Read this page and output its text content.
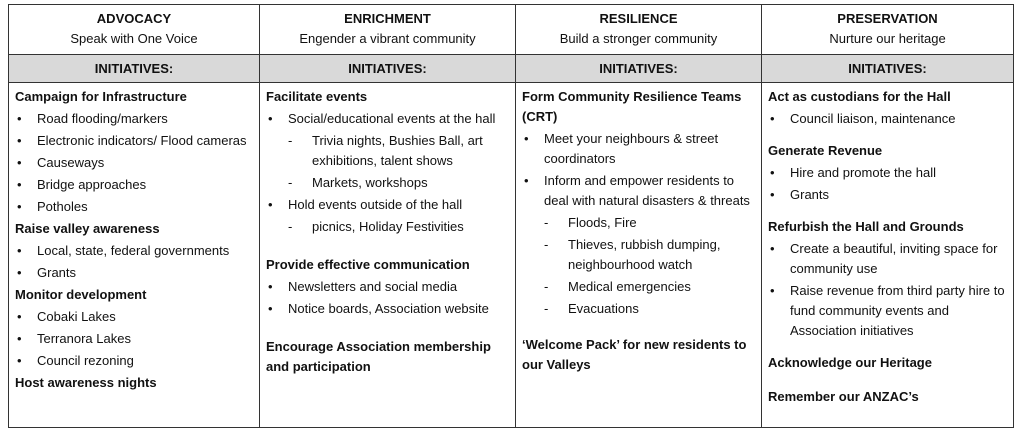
ADVOCACY
Speak with One Voice
INITIATIVES:
Campaign for Infrastructure
• Road flooding/markers
• Electronic indicators/ Flood cameras
• Causeways
• Bridge approaches
• Potholes
Raise valley awareness
• Local, state, federal governments
• Grants
Monitor development
• Cobaki Lakes
• Terranora Lakes
• Council rezoning
Host awareness nights
ENRICHMENT
Engender a vibrant community
INITIATIVES:
Facilitate events
• Social/educational events at the hall
- Trivia nights, Bushies Ball, art exhibitions, talent shows
- Markets, workshops
• Hold events outside of the hall
- picnics, Holiday Festivities
Provide effective communication
• Newsletters and social media
• Notice boards, Association website
Encourage Association membership and participation
RESILIENCE
Build a stronger community
INITIATIVES:
Form Community Resilience Teams (CRT)
• Meet your neighbours & street coordinators
• Inform and empower residents to deal with natural disasters & threats
- Floods, Fire
- Thieves, rubbish dumping, neighbourhood watch
- Medical emergencies
- Evacuations
‘Welcome Pack’ for new residents to our Valleys
PRESERVATION
Nurture our heritage
INITIATIVES:
Act as custodians for the Hall
• Council liaison, maintenance
Generate Revenue
• Hire and promote the hall
• Grants
Refurbish the Hall and Grounds
• Create a beautiful, inviting space for community use
• Raise revenue from third party hire to fund community events and Association initiatives
Acknowledge our Heritage
Remember our ANZAC’s
